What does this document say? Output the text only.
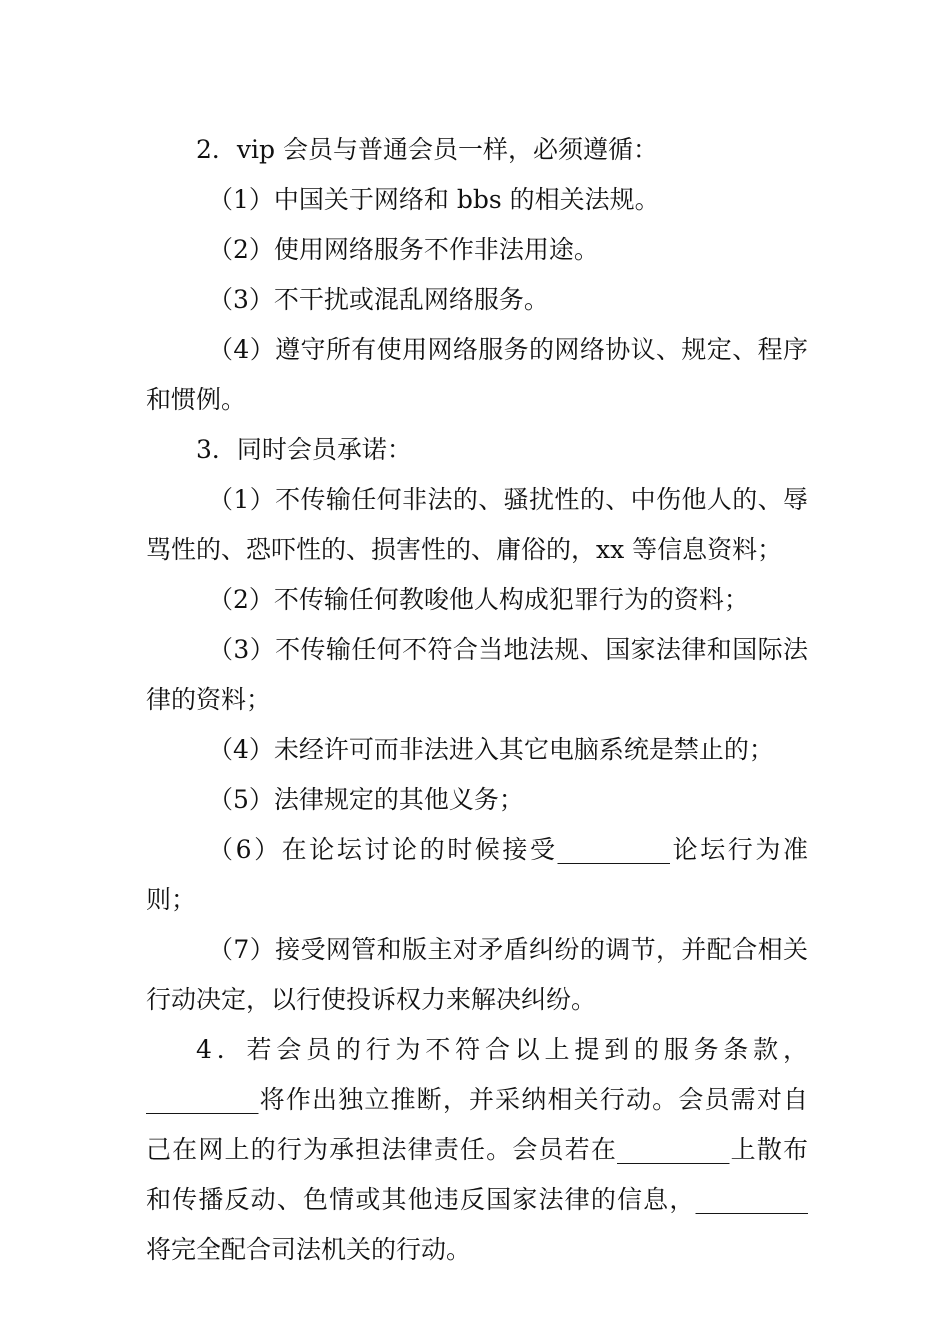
2．vip 会员与普通会员一样，必须遵循：

（1）中国关于网络和 bbs 的相关法规。

（2）使用网络服务不作非法用途。

（3）不干扰或混乱网络服务。

（4）遵守所有使用网络服务的网络协议、规定、程序和惯例。

3．同时会员承诺：

（1）不传输任何非法的、骚扰性的、中伤他人的、辱骂性的、恐吓性的、损害性的、庸俗的，xx 等信息资料；

（2）不传输任何教唆他人构成犯罪行为的资料；

（3）不传输任何不符合当地法规、国家法律和国际法律的资料；

（4）未经许可而非法进入其它电脑系统是禁止的；

（5）法律规定的其他义务；

（6）在论坛讨论的时候接受_________论坛行为准则；

（7）接受网管和版主对矛盾纠纷的调节，并配合相关行动决定，以行使投诉权力来解决纠纷。

4．若会员的行为不符合以上提到的服务条款，_________将作出独立推断，并采纳相关行动。会员需对自己在网上的行为承担法律责任。会员若在_________上散布和传播反动、色情或其他违反国家法律的信息，_________将完全配合司法机关的行动。
